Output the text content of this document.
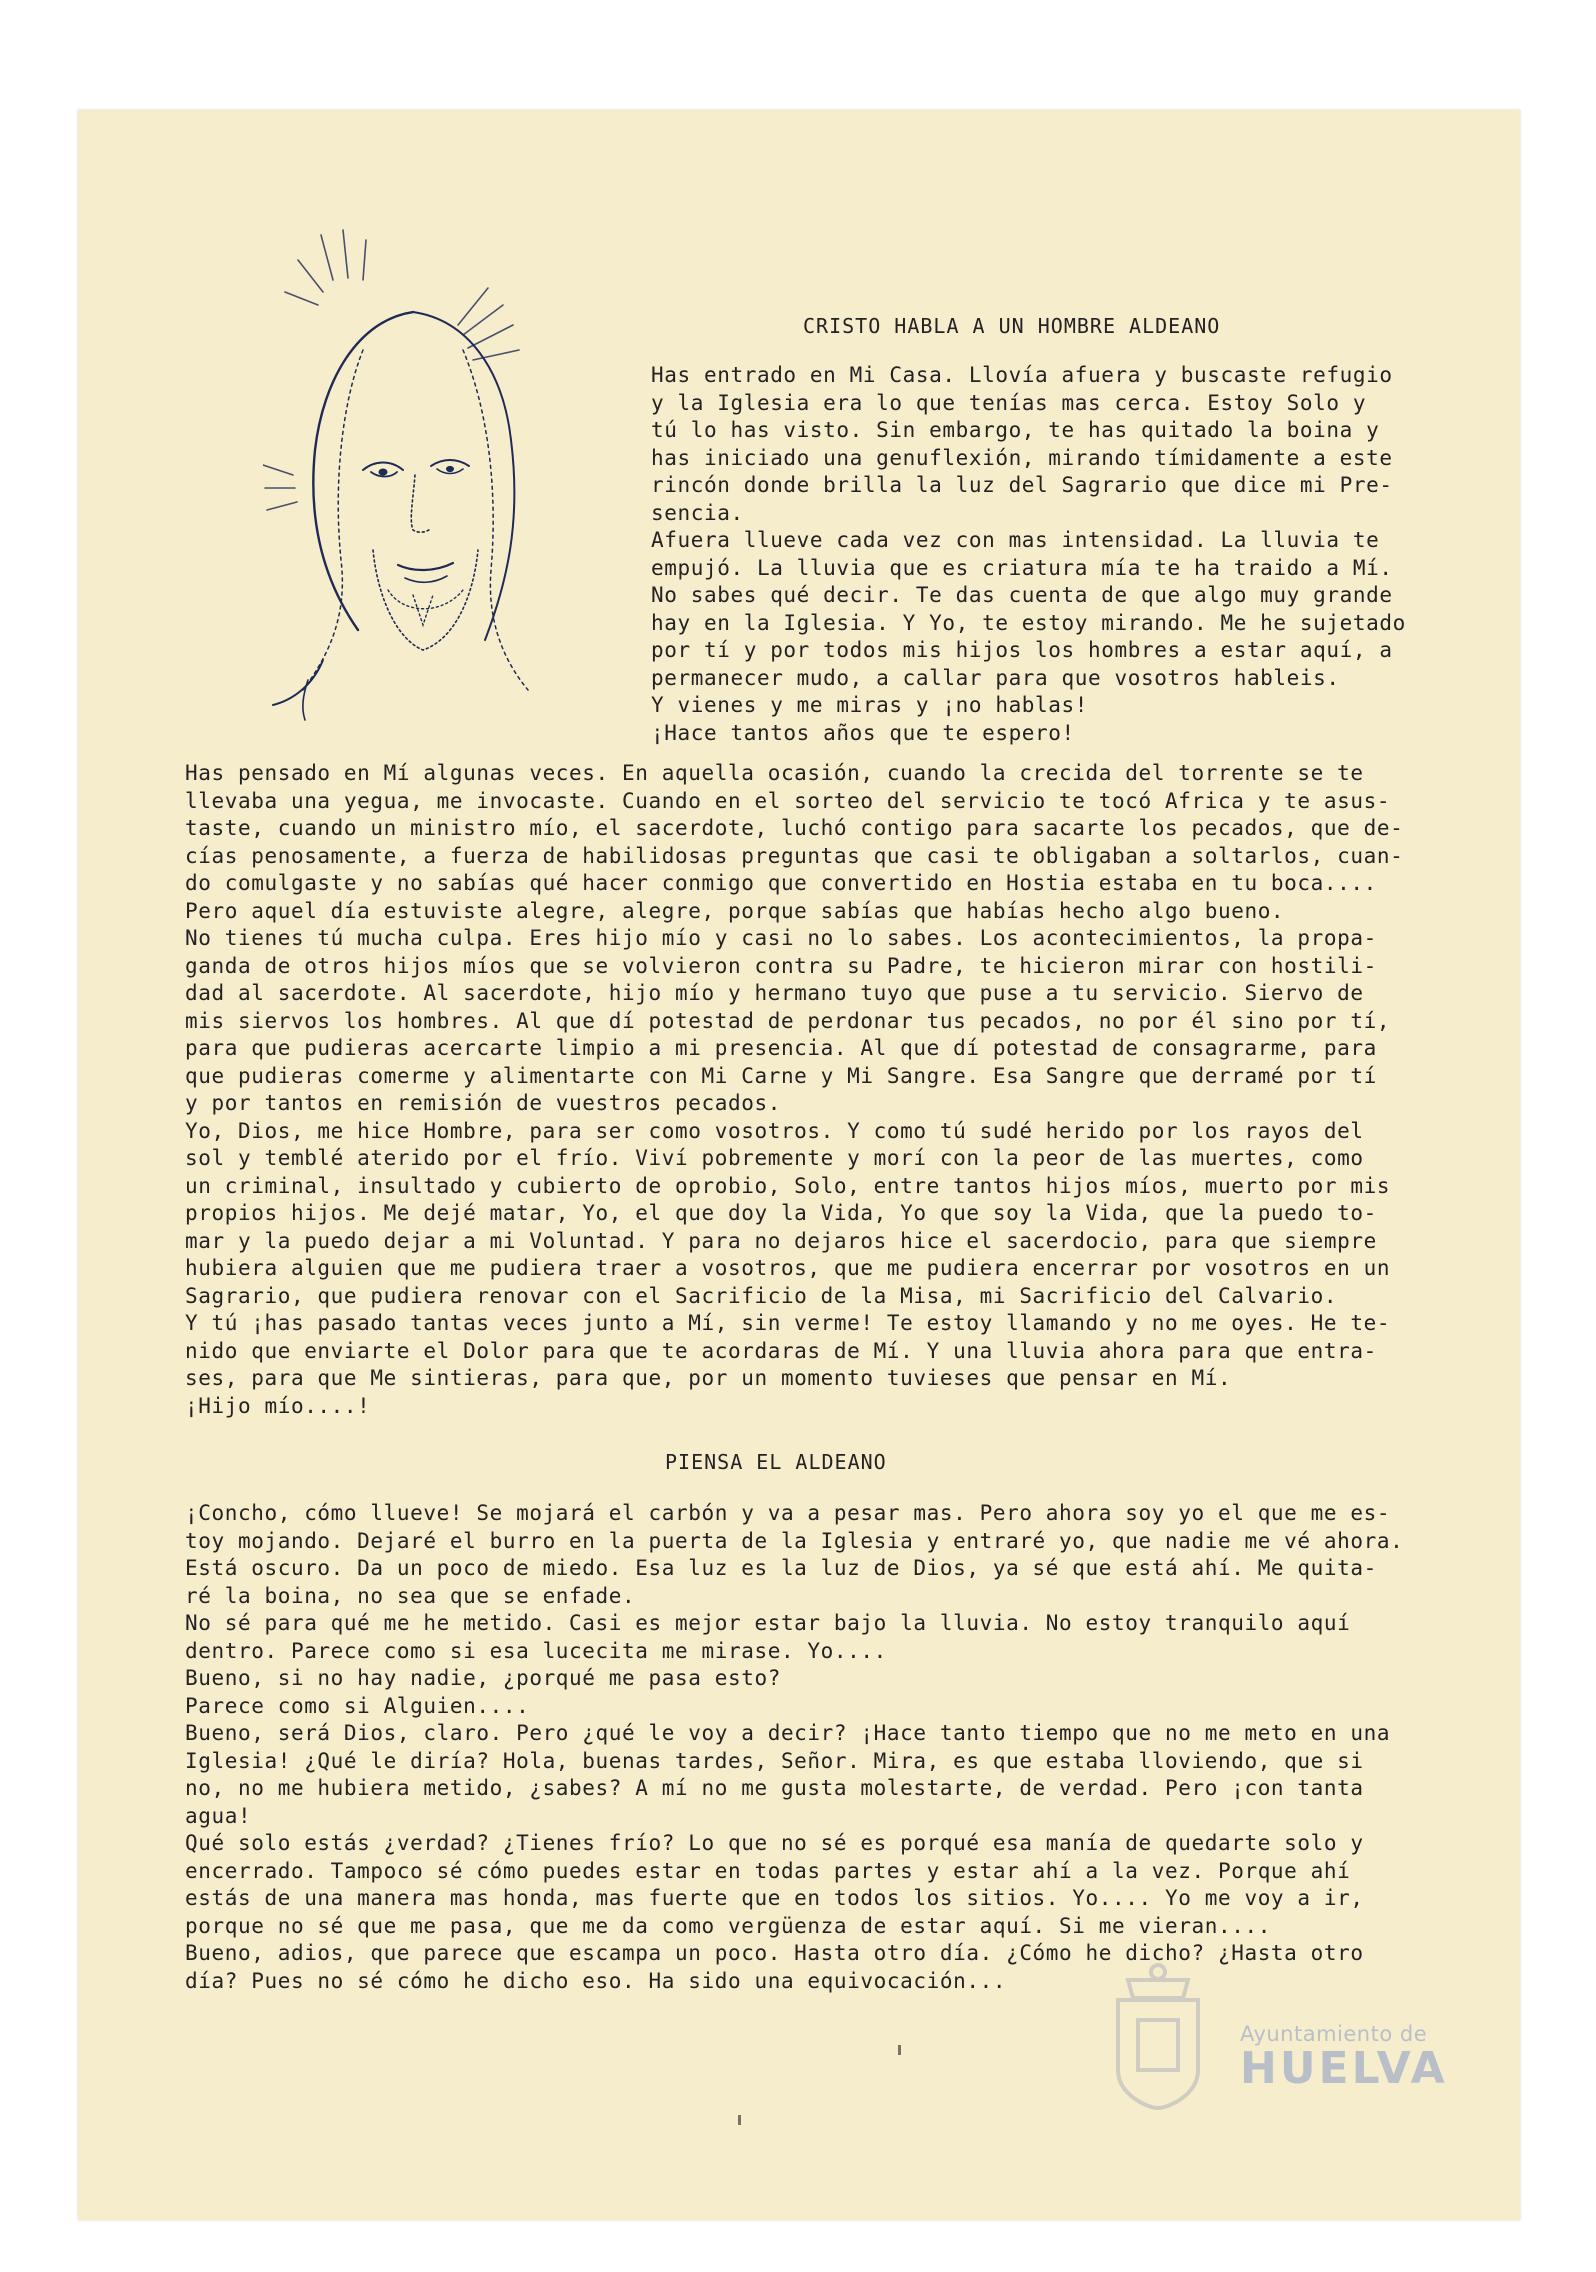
CRISTO HABLA A UN HOMBRE ALDEANO
Has entrado en Mi Casa. Llovía afuera y buscaste refugio
y la Iglesia era lo que tenías mas cerca. Estoy Solo y
tú lo has visto. Sin embargo, te has quitado la boina y
has iniciado una genuflexión, mirando tímidamente a este
rincón donde brilla la luz del Sagrario que dice mi Pre-
sencia.
Afuera llueve cada vez con mas intensidad. La lluvia te
empujó. La lluvia que es criatura mía te ha traido a Mí.
No sabes qué decir. Te das cuenta de que algo muy grande
hay en la Iglesia. Y Yo, te estoy mirando. Me he sujetado
por tí y por todos mis hijos los hombres a estar aquí, a
permanecer mudo, a callar para que vosotros hableis.
Y vienes y me miras y ¡no hablas!
¡Hace tantos años que te espero!
Has pensado en Mí algunas veces. En aquella ocasión, cuando la crecida del torrente se te
llevaba una yegua, me invocaste. Cuando en el sorteo del servicio te tocó Africa y te asus-
taste, cuando un ministro mío, el sacerdote, luchó contigo para sacarte los pecados, que de-
cías penosamente, a fuerza de habilidosas preguntas que casi te obligaban a soltarlos, cuan-
do comulgaste y no sabías qué hacer conmigo que convertido en Hostia estaba en tu boca....
Pero aquel día estuviste alegre, alegre, porque sabías que habías hecho algo bueno.
No tienes tú mucha culpa. Eres hijo mío y casi no lo sabes. Los acontecimientos, la propa-
ganda de otros hijos míos que se volvieron contra su Padre, te hicieron mirar con hostili-
dad al sacerdote. Al sacerdote, hijo mío y hermano tuyo que puse a tu servicio. Siervo de
mis siervos los hombres. Al que dí potestad de perdonar tus pecados, no por él sino por tí,
para que pudieras acercarte limpio a mi presencia. Al que dí potestad de consagrarme, para
que pudieras comerme y alimentarte con Mi Carne y Mi Sangre. Esa Sangre que derramé por tí
y por tantos en remisión de vuestros pecados.
Yo, Dios, me hice Hombre, para ser como vosotros. Y como tú sudé herido por los rayos del
sol y temblé aterido por el frío. Viví pobremente y morí con la peor de las muertes, como
un criminal, insultado y cubierto de oprobio, Solo, entre tantos hijos míos, muerto por mis
propios hijos. Me dejé matar, Yo, el que doy la Vida, Yo que soy la Vida, que la puedo to-
mar y la puedo dejar a mi Voluntad. Y para no dejaros hice el sacerdocio, para que siempre
hubiera alguien que me pudiera traer a vosotros, que me pudiera encerrar por vosotros en un
Sagrario, que pudiera renovar con el Sacrificio de la Misa, mi Sacrificio del Calvario.
Y tú ¡has pasado tantas veces junto a Mí, sin verme! Te estoy llamando y no me oyes. He te-
nido que enviarte el Dolor para que te acordaras de Mí. Y una lluvia ahora para que entra-
ses, para que Me sintieras, para que, por un momento tuvieses que pensar en Mí.
¡Hijo mío....!
PIENSA EL ALDEANO
¡Concho, cómo llueve! Se mojará el carbón y va a pesar mas. Pero ahora soy yo el que me es-
toy mojando. Dejaré el burro en la puerta de la Iglesia y entraré yo, que nadie me vé ahora.
Está oscuro. Da un poco de miedo. Esa luz es la luz de Dios, ya sé que está ahí. Me quita-
ré la boina, no sea que se enfade.
No sé para qué me he metido. Casi es mejor estar bajo la lluvia. No estoy tranquilo aquí
dentro. Parece como si esa lucecita me mirase. Yo....
Bueno, si no hay nadie, ¿porqué me pasa esto?
Parece como si Alguien....
Bueno, será Dios, claro. Pero ¿qué le voy a decir? ¡Hace tanto tiempo que no me meto en una
Iglesia! ¿Qué le diría? Hola, buenas tardes, Señor. Mira, es que estaba lloviendo, que si
no, no me hubiera metido, ¿sabes? A mí no me gusta molestarte, de verdad. Pero ¡con tanta
agua!
Qué solo estás ¿verdad? ¿Tienes frío? Lo que no sé es porqué esa manía de quedarte solo y
encerrado. Tampoco sé cómo puedes estar en todas partes y estar ahí a la vez. Porque ahí
estás de una manera mas honda, mas fuerte que en todos los sitios. Yo.... Yo me voy a ir,
porque no sé que me pasa, que me da como vergüenza de estar aquí. Si me vieran....
Bueno, adios, que parece que escampa un poco. Hasta otro día. ¿Cómo he dicho? ¿Hasta otro
día? Pues no sé cómo he dicho eso. Ha sido una equivocación...
Ayuntamiento de
HUELVA
